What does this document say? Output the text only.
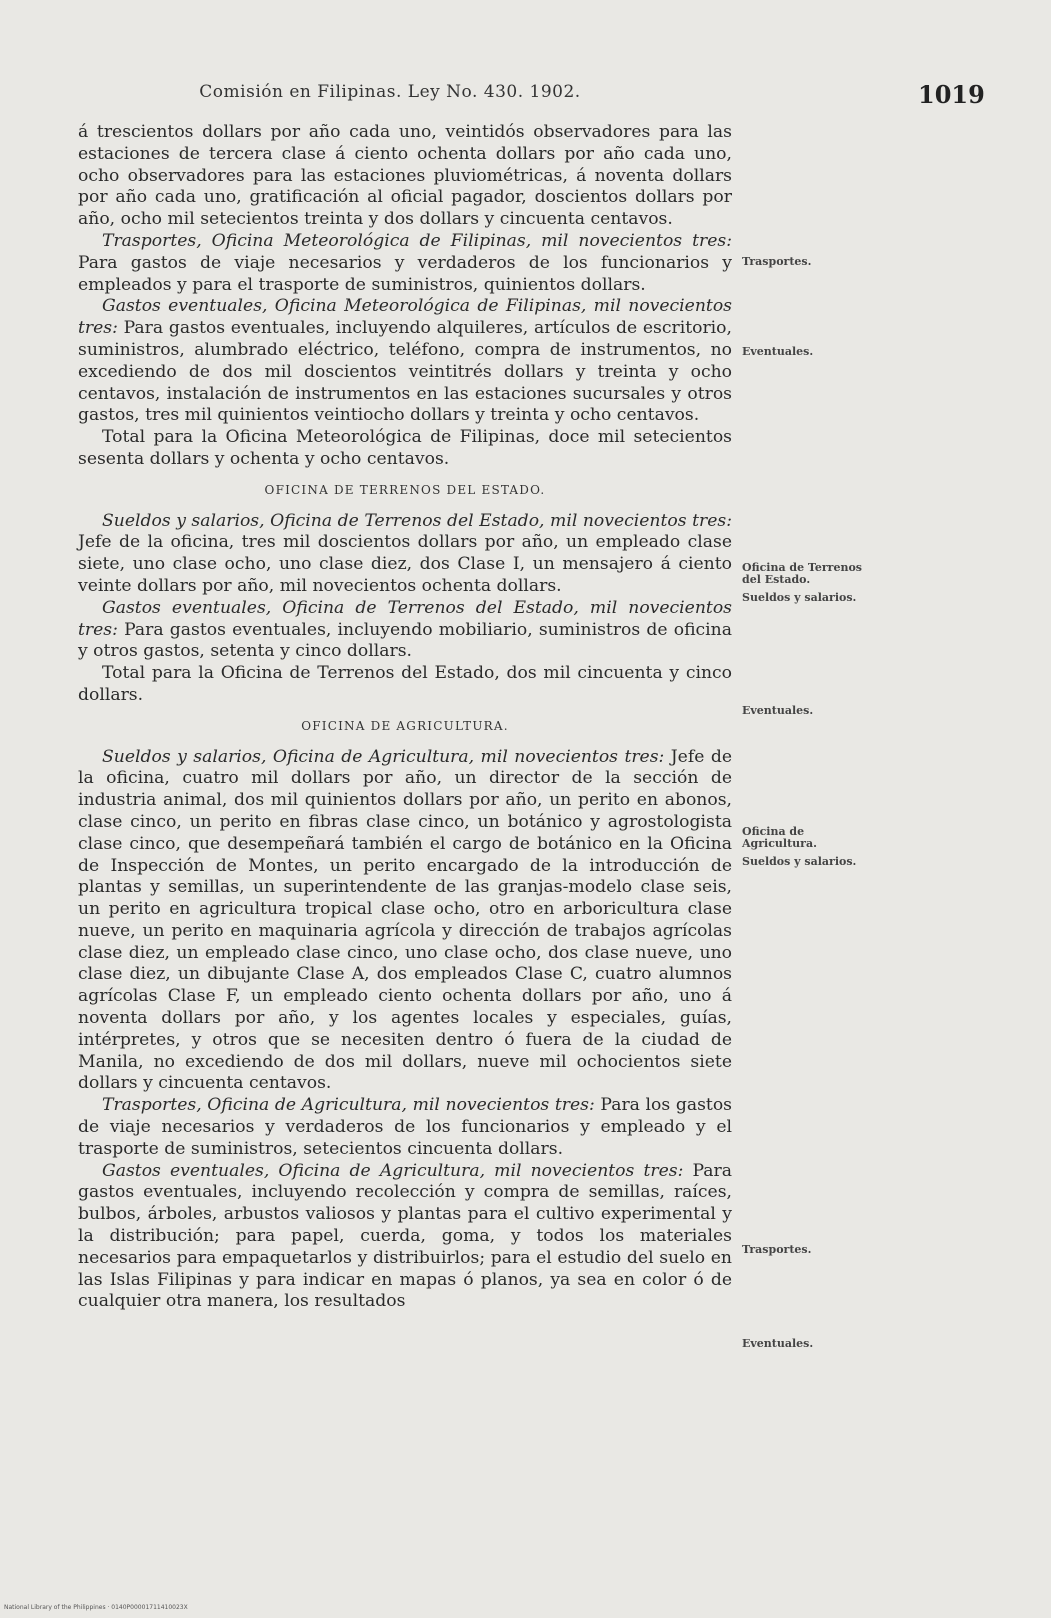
Comisión en Filipinas. Ley No. 430. 1902.	1019

á trescientos dollars por año cada uno, veintidós observadores para las estaciones de tercera clase á ciento ochenta dollars por año cada uno, ocho observadores para las estaciones pluviométricas, á noventa dollars por año cada uno, gratificación al oficial pagador, doscientos dollars por año, ocho mil setecientos treinta y dos dollars y cincuenta centavos.

Trasportes, Oficina Meteorológica de Filipinas, mil novecientos tres: Para gastos de viaje necesarios y verdaderos de los funcionarios y empleados y para el trasporte de suministros, quinientos dollars.

Gastos eventuales, Oficina Meteorológica de Filipinas, mil novecientos tres: Para gastos eventuales, incluyendo alquileres, artículos de escritorio, suministros, alumbrado eléctrico, teléfono, compra de instrumentos, no excediendo de dos mil doscientos veintitrés dollars y treinta y ocho centavos, instalación de instrumentos en las estaciones sucursales y otros gastos, tres mil quinientos veintiocho dollars y treinta y ocho centavos.

Total para la Oficina Meteorológica de Filipinas, doce mil setecientos sesenta dollars y ochenta y ocho centavos.

OFICINA DE TERRENOS DEL ESTADO.

Sueldos y salarios, Oficina de Terrenos del Estado, mil novecientos tres: Jefe de la oficina, tres mil doscientos dollars por año, un empleado clase siete, uno clase ocho, uno clase diez, dos Clase I, un mensajero á ciento veinte dollars por año, mil novecientos ochenta dollars.

Gastos eventuales, Oficina de Terrenos del Estado, mil novecientos tres: Para gastos eventuales, incluyendo mobiliario, suministros de oficina y otros gastos, setenta y cinco dollars.

Total para la Oficina de Terrenos del Estado, dos mil cincuenta y cinco dollars.

OFICINA DE AGRICULTURA.

Sueldos y salarios, Oficina de Agricultura, mil novecientos tres: Jefe de la oficina, cuatro mil dollars por año, un director de la sección de industria animal, dos mil quinientos dollars por año, un perito en abonos, clase cinco, un perito en fibras clase cinco, un botánico y agrostologista clase cinco, que desempeñará también el cargo de botánico en la Oficina de Inspección de Montes, un perito encargado de la introducción de plantas y semillas, un superintendente de las granjas-modelo clase seis, un perito en agricultura tropical clase ocho, otro en arboricultura clase nueve, un perito en maquinaria agrícola y dirección de trabajos agrícolas clase diez, un empleado clase cinco, uno clase ocho, dos clase nueve, uno clase diez, un dibujante Clase A, dos empleados Clase C, cuatro alumnos agrícolas Clase F, un empleado ciento ochenta dollars por año, uno á noventa dollars por año, y los agentes locales y especiales, guías, intérpretes, y otros que se necesiten dentro ó fuera de la ciudad de Manila, no excediendo de dos mil dollars, nueve mil ochocientos siete dollars y cincuenta centavos.

Trasportes, Oficina de Agricultura, mil novecientos tres: Para los gastos de viaje necesarios y verdaderos de los funcionarios y empleado y el trasporte de suministros, setecientos cincuenta dollars.

Gastos eventuales, Oficina de Agricultura, mil novecientos tres: Para gastos eventuales, incluyendo recolección y compra de semillas, raíces, bulbos, árboles, arbustos valiosos y plantas para el cultivo experimental y la distribución; para papel, cuerda, goma, y todos los materiales necesarios para empaquetarlos y distribuirlos; para el estudio del suelo en las Islas Filipinas y para indicar en mapas ó planos, ya sea en color ó de cualquier otra manera, los resultados

Trasportes.
Eventuales.
Oficina de Terrenos del Estado.
Sueldos y salarios.
Eventuales.
Oficina de Agricultura.
Sueldos y salarios.
Trasportes.
Eventuales.
National Library of the Philippines · 0140P00001711410023X
